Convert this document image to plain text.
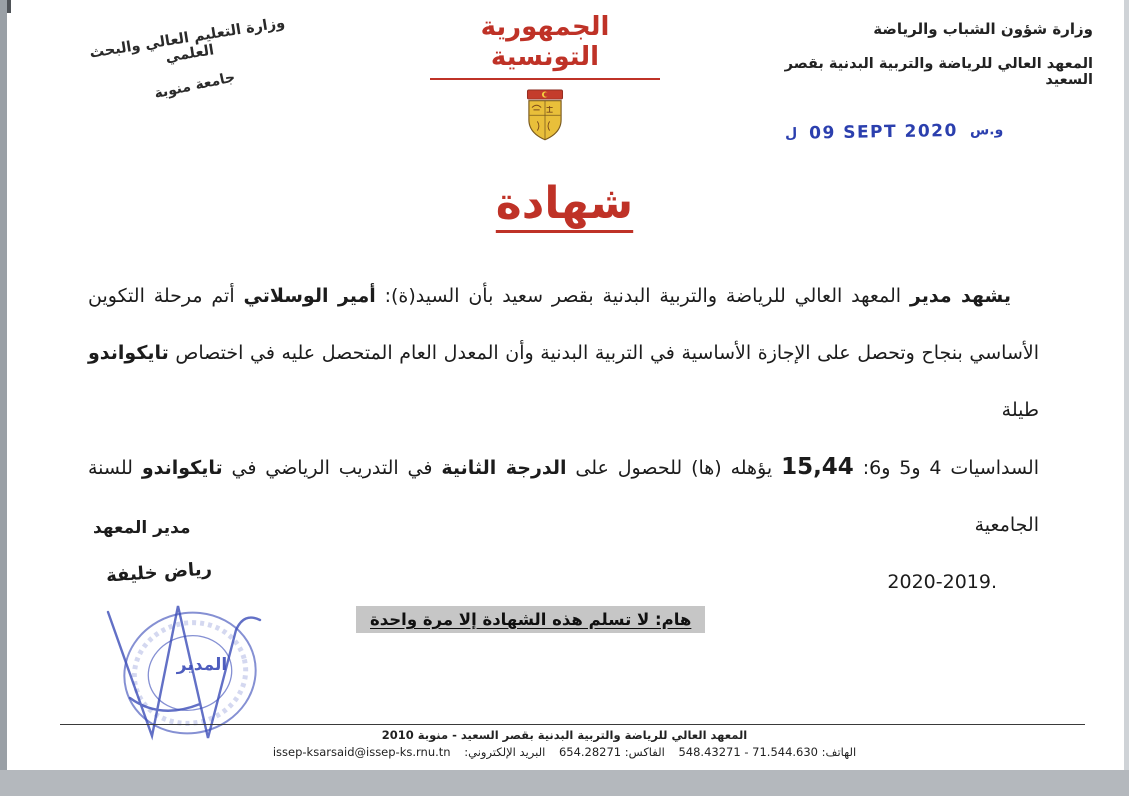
وزارة التعليم العالي والبحث العلمي
جامعة منوبة
الجمهورية التونسية
وزارة شؤون الشباب والرياضة
المعهد العالي للرياضة والتربية البدنية بقصر السعيد
ل 09 SEPT 2020 و.س
شهادة
يشهد مدير المعهد العالي للرياضة والتربية البدنية بقصر سعيد بأن السيد(ة): أمير الوسلاتي أتم مرحلة التكوين
الأساسي بنجاح وتحصل على الإجازة الأساسية في التربية البدنية وأن المعدل العام المتحصل عليه في اختصاص تايكواندو طيلة
السداسيات 4 و5 و6: 15,44 يؤهله (ها) للحصول على الدرجة الثانية في التدريب الرياضي في تايكواندو للسنة الجامعية
2020-2019.
مدير المعهد
رياض خليفة
المدير
هام: لا تسلم هذه الشهادة إلا مرة واحدة
المعهد العالي للرياضة والتربية البدنية بقصر السعيد - منوبة 2010
الهاتف: 71.544.630 - 548.43271 الفاكس: 654.28271 البريد الإلكتروني: issep-ksarsaid@issep-ks.rnu.tn
